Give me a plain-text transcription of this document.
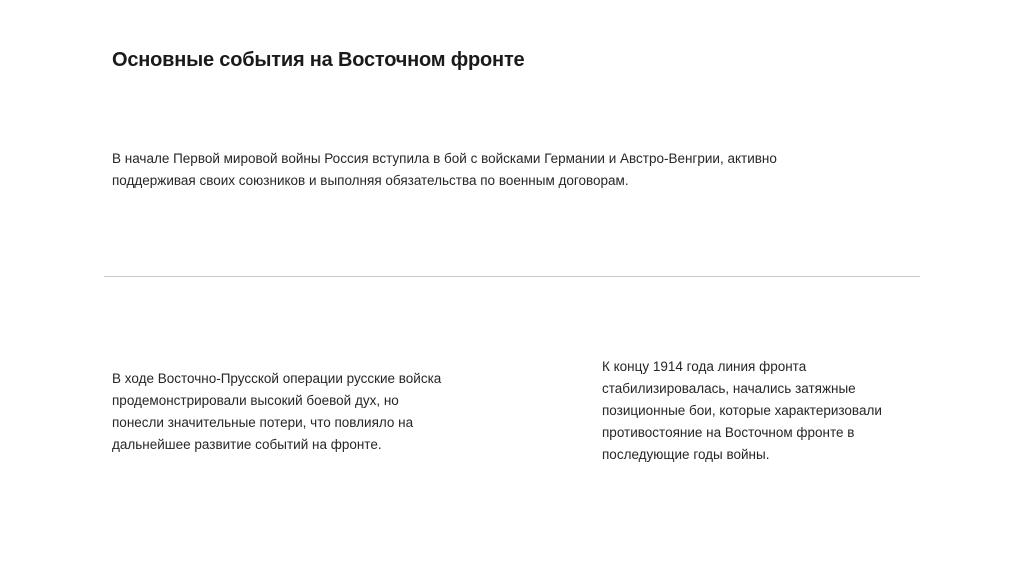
Основные события на Восточном фронте

В начале Первой мировой войны Россия вступила в бой с войсками Германии и Австро-Венгрии, активно
поддерживая своих союзников и выполняя обязательства по военным договорам.

В ходе Восточно-Прусской операции русские войска
продемонстрировали высокий боевой дух, но
понесли значительные потери, что повлияло на
дальнейшее развитие событий на фронте.

К концу 1914 года линия фронта
стабилизировалась, начались затяжные
позиционные бои, которые характеризовали
противостояние на Восточном фронте в
последующие годы войны.
